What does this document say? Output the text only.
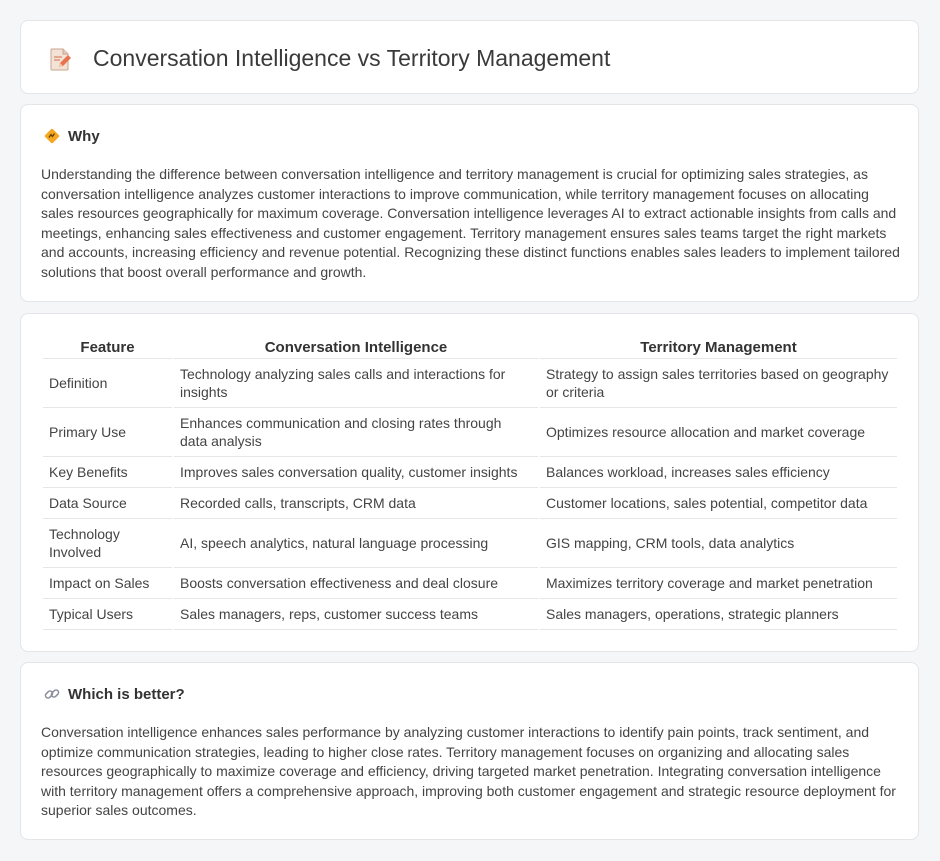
Conversation Intelligence vs Territory Management
Why

Understanding the difference between conversation intelligence and territory management is crucial for optimizing sales strategies, as conversation intelligence analyzes customer interactions to improve communication, while territory management focuses on allocating sales resources geographically for maximum coverage. Conversation intelligence leverages AI to extract actionable insights from calls and meetings, enhancing sales effectiveness and customer engagement. Territory management ensures sales teams target the right markets and accounts, increasing efficiency and revenue potential. Recognizing these distinct functions enables sales leaders to implement tailored solutions that boost overall performance and growth.

Feature	Conversation Intelligence	Territory Management
Definition	Technology analyzing sales calls and interactions for insights	Strategy to assign sales territories based on geography or criteria
Primary Use	Enhances communication and closing rates through data analysis	Optimizes resource allocation and market coverage
Key Benefits	Improves sales conversation quality, customer insights	Balances workload, increases sales efficiency
Data Source	Recorded calls, transcripts, CRM data	Customer locations, sales potential, competitor data
Technology Involved	AI, speech analytics, natural language processing	GIS mapping, CRM tools, data analytics
Impact on Sales	Boosts conversation effectiveness and deal closure	Maximizes territory coverage and market penetration
Typical Users	Sales managers, reps, customer success teams	Sales managers, operations, strategic planners
Which is better?

Conversation intelligence enhances sales performance by analyzing customer interactions to identify pain points, track sentiment, and optimize communication strategies, leading to higher close rates. Territory management focuses on organizing and allocating sales resources geographically to maximize coverage and efficiency, driving targeted market penetration. Integrating conversation intelligence with territory management offers a comprehensive approach, improving both customer engagement and strategic resource deployment for superior sales outcomes.
